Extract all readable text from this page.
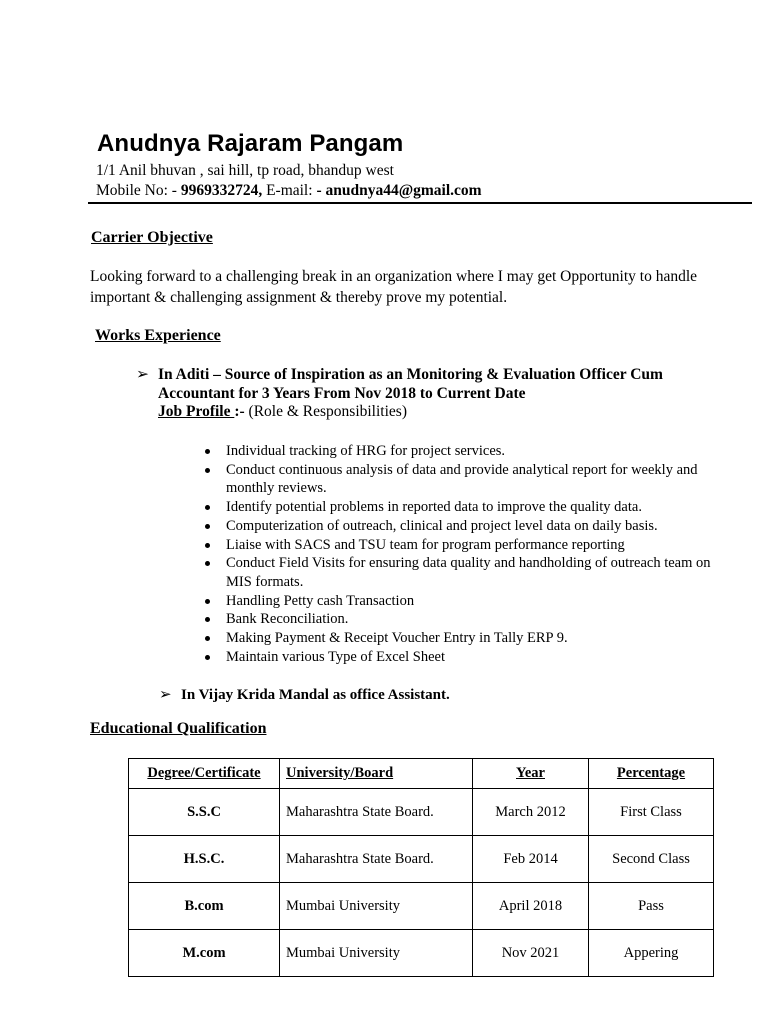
Anudnya Rajaram Pangam
1/1 Anil bhuvan , sai hill, tp road, bhandup west
Mobile No: - 9969332724, E-mail: - anudnya44@gmail.com
Carrier Objective
Looking forward to a challenging break in an organization where I may get Opportunity to handle important & challenging assignment & thereby prove my potential.
Works Experience
➢ In Aditi – Source of Inspiration as an Monitoring & Evaluation Officer Cum
Accountant for 3 Years From Nov 2018 to Current Date
Job Profile :- (Role & Responsibilities)
Individual tracking of HRG for project services.
Conduct continuous analysis of data and provide analytical report for weekly and monthly reviews.
Identify potential problems in reported data to improve the quality data.
Computerization of outreach, clinical and project level data on daily basis.
Liaise with SACS and TSU team for program performance reporting
Conduct Field Visits for ensuring data quality and handholding of outreach team on MIS formats.
Handling Petty cash Transaction
Bank Reconciliation.
Making Payment & Receipt Voucher Entry in Tally ERP 9.
Maintain various Type of Excel Sheet
➢ In Vijay Krida Mandal as office Assistant.
Educational Qualification
Degree/Certificate	University/Board	Year	Percentage
S.S.C	Maharashtra State Board.	March 2012	First Class
H.S.C.	Maharashtra State Board.	Feb 2014	Second Class
B.com	Mumbai University	April 2018	Pass
M.com	Mumbai University	Nov 2021	Appering
